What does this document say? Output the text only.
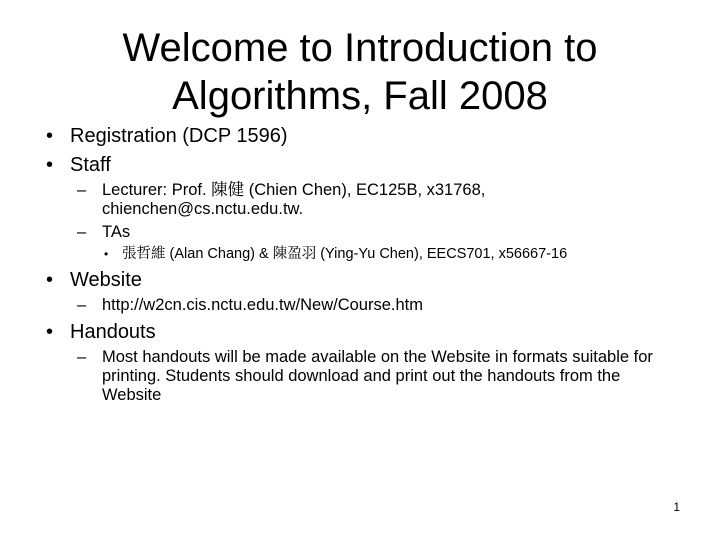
Welcome to Introduction to
Algorithms, Fall 2008
• Registration (DCP 1596)
• Staff
– Lecturer: Prof. 陳健 (Chien Chen), EC125B, x31768, chienchen@cs.nctu.edu.tw.
– TAs
• 張哲維 (Alan Chang) & 陳盈羽 (Ying-Yu Chen), EECS701, x56667-16
• Website
– http://w2cn.cis.nctu.edu.tw/New/Course.htm
• Handouts
– Most handouts will be made available on the Website in formats suitable for printing. Students should download and print out the handouts from the Website
1
